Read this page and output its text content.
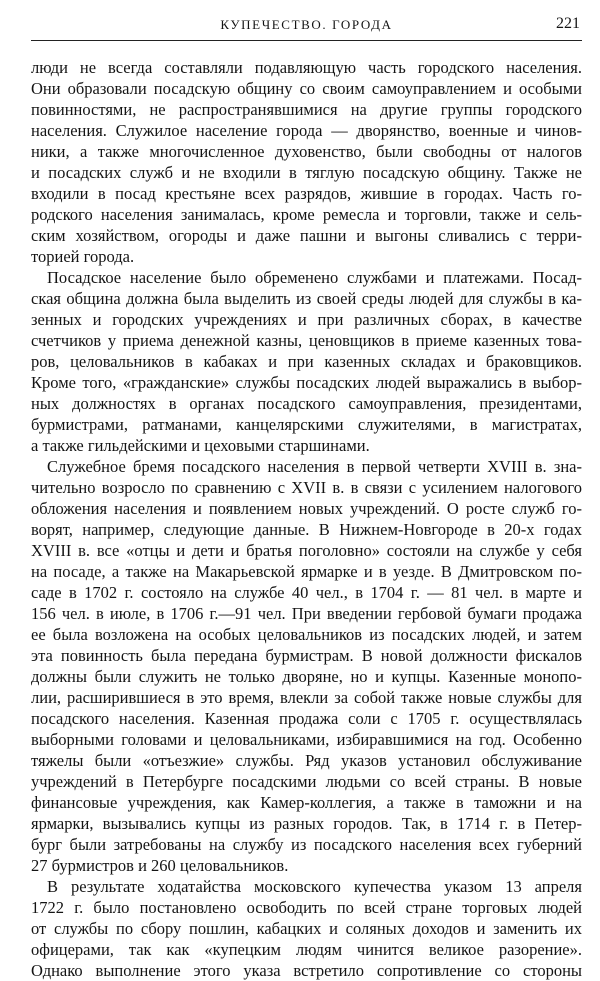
КУПЕЧЕСТВО. ГОРОДА	221
люди не всегда составляли подавляющую часть городского населения.
Они образовали посадскую общину со своим самоуправлением и особыми
повинностями, не распространявшимися на другие группы городского
населения. Служилое население города — дворянство, военные и чинов-
ники, а также многочисленное духовенство, были свободны от налогов
и посадских служб и не входили в тяглую посадскую общину. Также не
входили в посад крестьяне всех разрядов, жившие в городах. Часть го-
родского населения занималась, кроме ремесла и торговли, также и сель-
ским хозяйством, огороды и даже пашни и выгоны сливались с терри-
торией города.
Посадское население было обременено службами и платежами. Посад-
ская община должна была выделить из своей среды людей для службы в ка-
зенных и городских учреждениях и при различных сборах, в качестве
счетчиков у приема денежной казны, ценовщиков в приеме казенных това-
ров, целовальников в кабаках и при казенных складах и браковщиков.
Кроме того, «гражданские» службы посадских людей выражались в выбор-
ных должностях в органах посадского самоуправления, президентами,
бурмистрами, ратманами, канцелярскими служителями, в магистратах,
а также гильдейскими и цеховыми старшинами.
Служебное бремя посадского населения в первой четверти XVIII в. зна-
чительно возросло по сравнению с XVII в. в связи с усилением налогового
обложения населения и появлением новых учреждений. О росте служб го-
ворят, например, следующие данные. В Нижнем-Новгороде в 20-х годах
XVIII в. все «отцы и дети и братья поголовно» состояли на службе у себя
на посаде, а также на Макарьевской ярмарке и в уезде. В Дмитровском по-
саде в 1702 г. состояло на службе 40 чел., в 1704 г. — 81 чел. в марте и
156 чел. в июле, в 1706 г.—91 чел. При введении гербовой бумаги продажа
ее была возложена на особых целовальников из посадских людей, и затем
эта повинность была передана бурмистрам. В новой должности фискалов
должны были служить не только дворяне, но и купцы. Казенные монопо-
лии, расширившиеся в это время, влекли за собой также новые службы для
посадского населения. Казенная продажа соли с 1705 г. осуществлялась
выборными головами и целовальниками, избиравшимися на год. Особенно
тяжелы были «отъезжие» службы. Ряд указов установил обслуживание
учреждений в Петербурге посадскими людьми со всей страны. В новые
финансовые учреждения, как Камер-коллегия, а также в таможни и на
ярмарки, вызывались купцы из разных городов. Так, в 1714 г. в Петер-
бург были затребованы на службу из посадского населения всех губерний
27 бурмистров и 260 целовальников.
В результате ходатайства московского купечества указом 13 апреля
1722 г. было постановлено освободить по всей стране торговых людей
от службы по сбору пошлин, кабацких и соляных доходов и заменить их
офицерами, так как «купецким людям чинится великое разорение».
Однако выполнение этого указа встретило сопротивление со стороны
